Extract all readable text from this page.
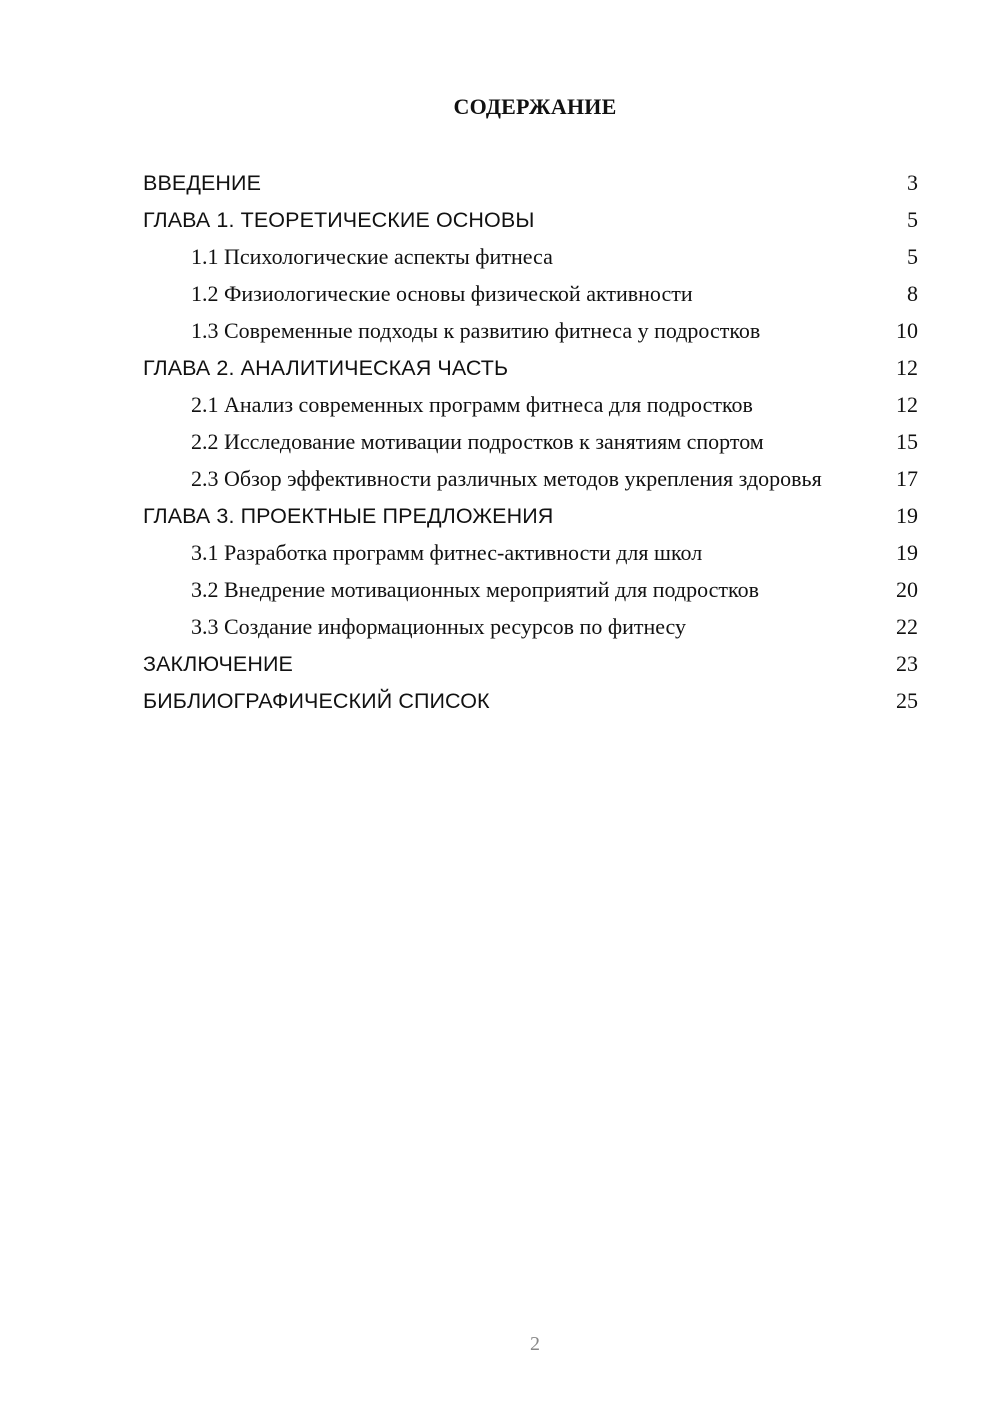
СОДЕРЖАНИЕ
ВВЕДЕНИЕ	3
ГЛАВА 1. ТЕОРЕТИЧЕСКИЕ ОСНОВЫ	5
1.1 Психологические аспекты фитнеса	5
1.2 Физиологические основы физической активности	8
1.3 Современные подходы к развитию фитнеса у подростков	10
ГЛАВА 2. АНАЛИТИЧЕСКАЯ ЧАСТЬ	12
2.1 Анализ современных программ фитнеса для подростков	12
2.2 Исследование мотивации подростков к занятиям спортом	15
2.3 Обзор эффективности различных методов укрепления здоровья	17
ГЛАВА 3. ПРОЕКТНЫЕ ПРЕДЛОЖЕНИЯ	19
3.1 Разработка программ фитнес-активности для школ	19
3.2 Внедрение мотивационных мероприятий для подростков	20
3.3 Создание информационных ресурсов по фитнесу	22
ЗАКЛЮЧЕНИЕ	23
БИБЛИОГРАФИЧЕСКИЙ СПИСОК	25
2
